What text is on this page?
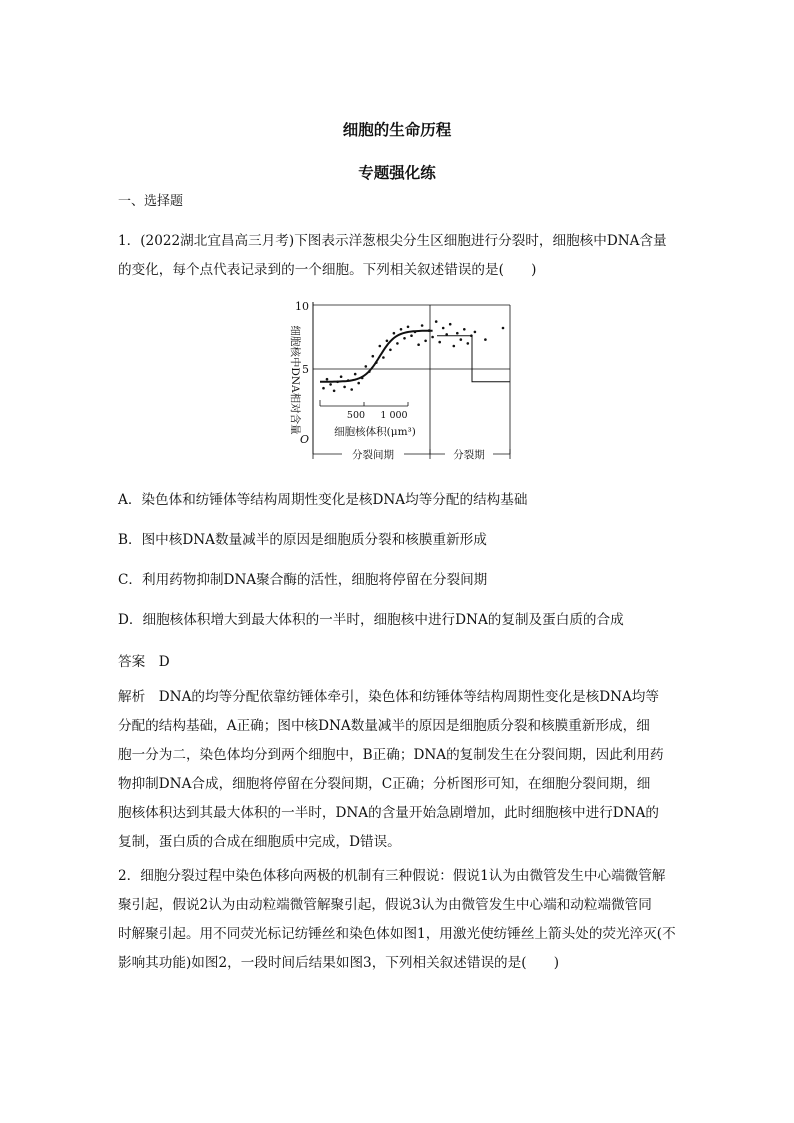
细胞的生命历程
专题强化练
一、选择题
1．(2022湖北宜昌高三月考)下图表示洋葱根尖分生区细胞进行分裂时，细胞核中DNA含量
的变化，每个点代表记录到的一个细胞。下列相关叙述错误的是(　　)
细胞核中DNA相对含量
10
5
O
500 1 000
细胞核体积(μm³)
分裂间期	分裂期
A．染色体和纺锤体等结构周期性变化是核DNA均等分配的结构基础
B．图中核DNA数量减半的原因是细胞质分裂和核膜重新形成
C．利用药物抑制DNA聚合酶的活性，细胞将停留在分裂间期
D．细胞核体积增大到最大体积的一半时，细胞核中进行DNA的复制及蛋白质的合成
答案　D
解析　DNA的均等分配依靠纺锤体牵引，染色体和纺锤体等结构周期性变化是核DNA均等
分配的结构基础，A正确；图中核DNA数量减半的原因是细胞质分裂和核膜重新形成，细
胞一分为二，染色体均分到两个细胞中，B正确；DNA的复制发生在分裂间期，因此利用药
物抑制DNA合成，细胞将停留在分裂间期，C正确；分析图形可知，在细胞分裂间期，细
胞核体积达到其最大体积的一半时，DNA的含量开始急剧增加，此时细胞核中进行DNA的
复制，蛋白质的合成在细胞质中完成，D错误。
2．细胞分裂过程中染色体移向两极的机制有三种假说：假说1认为由微管发生中心端微管解
聚引起，假说2认为由动粒端微管解聚引起，假说3认为由微管发生中心端和动粒端微管同
时解聚引起。用不同荧光标记纺锤丝和染色体如图1，用激光使纺锤丝上箭头处的荧光淬灭(不
影响其功能)如图2，一段时间后结果如图3，下列相关叙述错误的是(　　)
